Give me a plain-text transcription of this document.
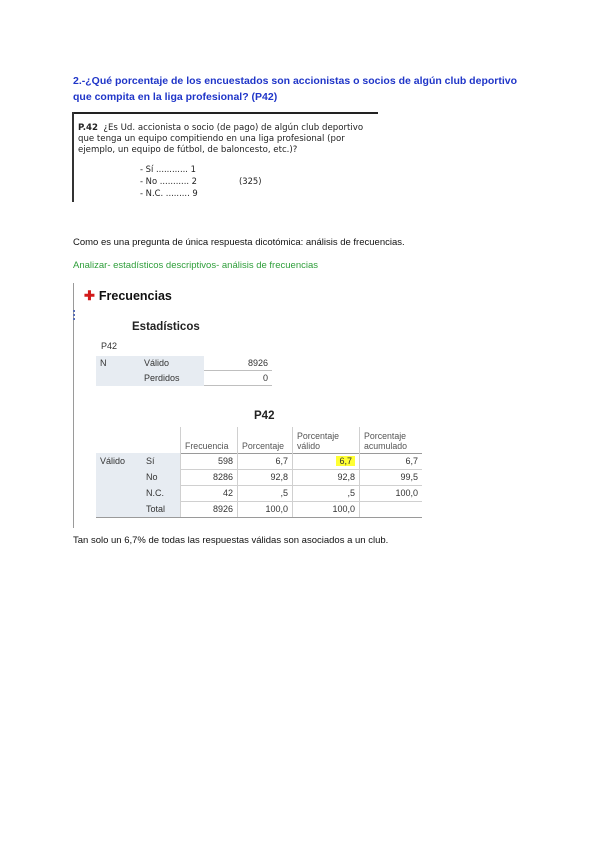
2.-¿Qué porcentaje de los encuestados son accionistas o socios de algún club deportivo que compita en la liga profesional? (P42)
P.42 ¿Es Ud. accionista o socio (de pago) de algún club deportivo que tenga un equipo compitiendo en una liga profesional (por ejemplo, un equipo de fútbol, de baloncesto, etc.)?
- Sí ............ 1
- No ........... 2
- N.C. ......... 9
(325)
Como es una pregunta de única respuesta dicotómica: análisis de frecuencias.
Analizar- estadísticos descriptivos- análisis de frecuencias
✚ Frecuencias
Estadísticos
P42
N	Válido	8926
	Perdidos	0
P42
		Frecuencia	Porcentaje	Porcentaje válido	Porcentaje acumulado
Válido	Sí	598	6,7	6,7	6,7
	No	8286	92,8	92,8	99,5
	N.C.	42	,5	,5	100,0
	Total	8926	100,0	100,0	
Tan solo un 6,7% de todas las respuestas válidas son asociados a un club.
